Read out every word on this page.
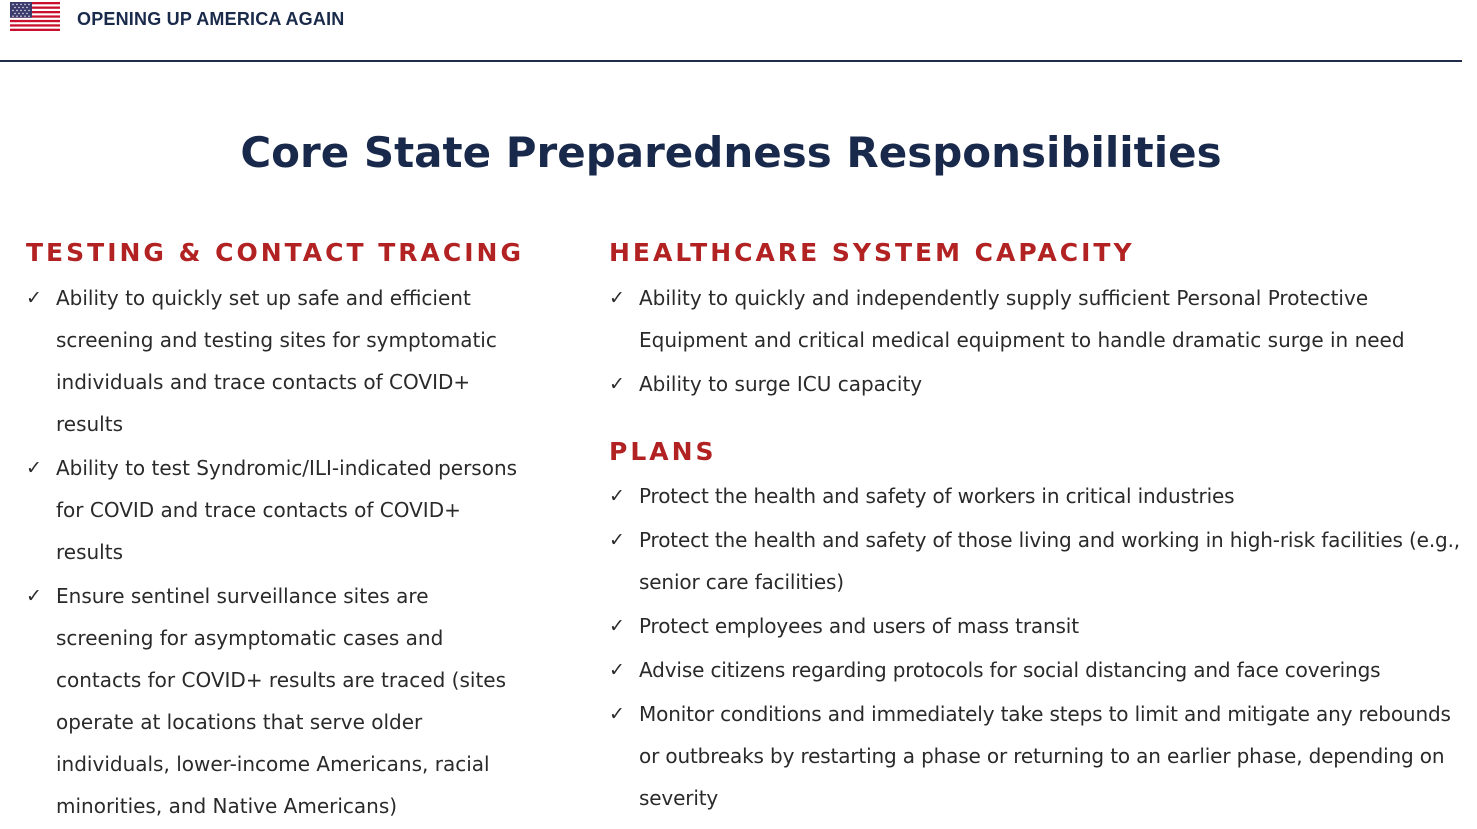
OPENING UP AMERICA AGAIN
Core State Preparedness Responsibilities
TESTING & CONTACT TRACING
✓ Ability to quickly set up safe and efficient screening and testing sites for symptomatic individuals and trace contacts of COVID+ results
✓ Ability to test Syndromic/ILI-indicated persons for COVID and trace contacts of COVID+ results
✓ Ensure sentinel surveillance sites are screening for asymptomatic cases and contacts for COVID+ results are traced (sites operate at locations that serve older individuals, lower-income Americans, racial minorities, and Native Americans)
HEALTHCARE SYSTEM CAPACITY
✓ Ability to quickly and independently supply sufficient Personal Protective Equipment and critical medical equipment to handle dramatic surge in need
✓ Ability to surge ICU capacity
PLANS
✓ Protect the health and safety of workers in critical industries
✓ Protect the health and safety of those living and working in high-risk facilities (e.g., senior care facilities)
✓ Protect employees and users of mass transit
✓ Advise citizens regarding protocols for social distancing and face coverings
✓ Monitor conditions and immediately take steps to limit and mitigate any rebounds or outbreaks by restarting a phase or returning to an earlier phase, depending on severity
